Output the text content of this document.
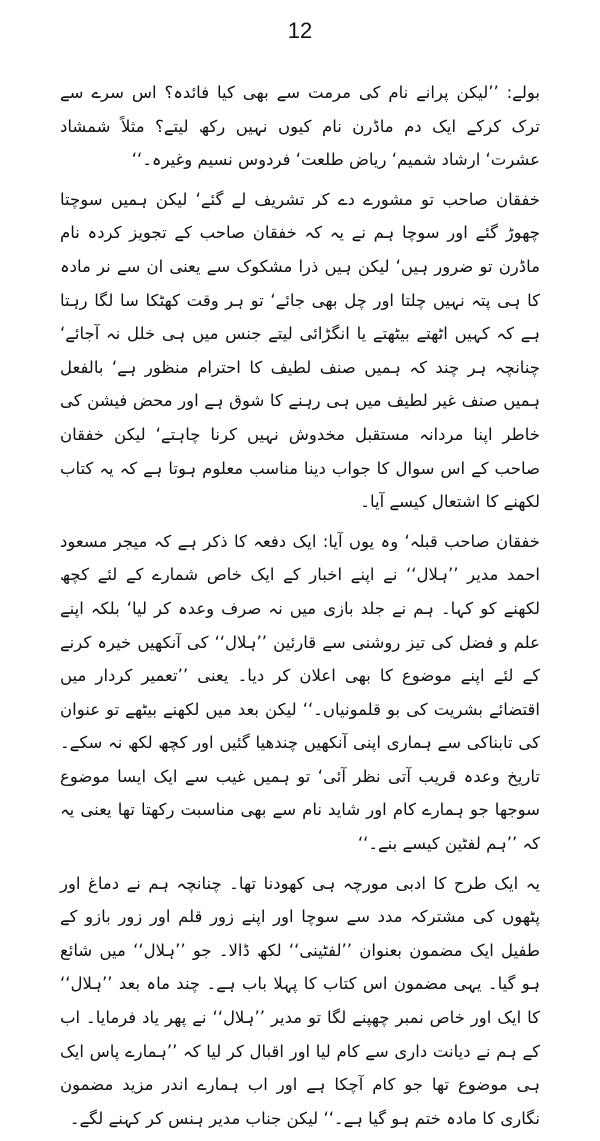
12

بولے: ’’لیکن پرانے نام کی مرمت سے بھی کیا فائدہ؟ اس سرے سے ترک کرکے ایک دم ماڈرن نام کیوں نہیں رکھ لیتے؟ مثلاً شمشاد عشرت‘ ارشاد شمیم‘ ریاض طلعت‘ فردوس نسیم وغیرہ۔‘‘

خفقان صاحب تو مشورے دے کر تشریف لے گئے‘ لیکن ہمیں سوچتا چھوڑ گئے اور سوچا ہم نے یہ کہ خفقان صاحب کے تجویز کردہ نام ماڈرن تو ضرور ہیں‘ لیکن ہیں ذرا مشکوک سے یعنی ان سے نر مادہ کا ہی پتہ نہیں چلتا اور چل بھی جائے‘ تو ہر وقت کھٹکا سا لگا رہتا ہے کہ کہیں اٹھتے بیٹھتے یا انگڑائی لیتے جنس میں ہی خلل نہ آجائے‘ چنانچہ ہر چند کہ ہمیں صنف لطیف کا احترام منظور ہے‘ بالفعل ہمیں صنف غیر لطیف میں ہی رہنے کا شوق ہے اور محض فیشن کی خاطر اپنا مردانہ مستقبل مخدوش نہیں کرنا چاہتے‘ لیکن خفقان صاحب کے اس سوال کا جواب دینا مناسب معلوم ہوتا ہے کہ یہ کتاب لکھنے کا اشتعال کیسے آیا۔

خفقان صاحب قبلہ‘ وہ یوں آیا: ایک دفعہ کا ذکر ہے کہ میجر مسعود احمد مدیر ’’ہلال‘‘ نے اپنے اخبار کے ایک خاص شمارے کے لئے کچھ لکھنے کو کہا۔ ہم نے جلد بازی میں نہ صرف وعدہ کر لیا‘ بلکہ اپنے علم و فضل کی تیز روشنی سے قارئین ’’ہلال‘‘ کی آنکھیں خیرہ کرنے کے لئے اپنے موضوع کا بھی اعلان کر دیا۔ یعنی ’’تعمیر کردار میں اقتضائے بشریت کی بو قلمونیاں۔‘‘ لیکن بعد میں لکھنے بیٹھے تو عنوان کی تابناکی سے ہماری اپنی آنکھیں چندھیا گئیں اور کچھ لکھ نہ سکے۔ تاریخ وعدہ قریب آتی نظر آئی‘ تو ہمیں غیب سے ایک ایسا موضوع سوجھا جو ہمارے کام اور شاید نام سے بھی مناسبت رکھتا تھا یعنی یہ کہ ’’ہم لفٹین کیسے بنے۔‘‘

یہ ایک طرح کا ادبی مورچہ ہی کھودنا تھا۔ چنانچہ ہم نے دماغ اور پٹھوں کی مشترکہ مدد سے سوچا اور اپنے زور قلم اور زور بازو کے طفیل ایک مضمون بعنوان ’’لفٹینی‘‘ لکھ ڈالا۔ جو ’’ہلال‘‘ میں شائع ہو گیا۔ یہی مضمون اس کتاب کا پہلا باب ہے۔ چند ماہ بعد ’’ہلال‘‘ کا ایک اور خاص نمبر چھپنے لگا تو مدیر ’’ہلال‘‘ نے پھر یاد فرمایا۔ اب کے ہم نے دیانت داری سے کام لیا اور اقبال کر لیا کہ ’’ہمارے پاس ایک ہی موضوع تھا جو کام آچکا ہے اور اب ہمارے اندر مزید مضمون نگاری کا مادہ ختم ہو گیا ہے۔‘‘ لیکن جناب مدیر ہنس کر کہنے لگے۔
